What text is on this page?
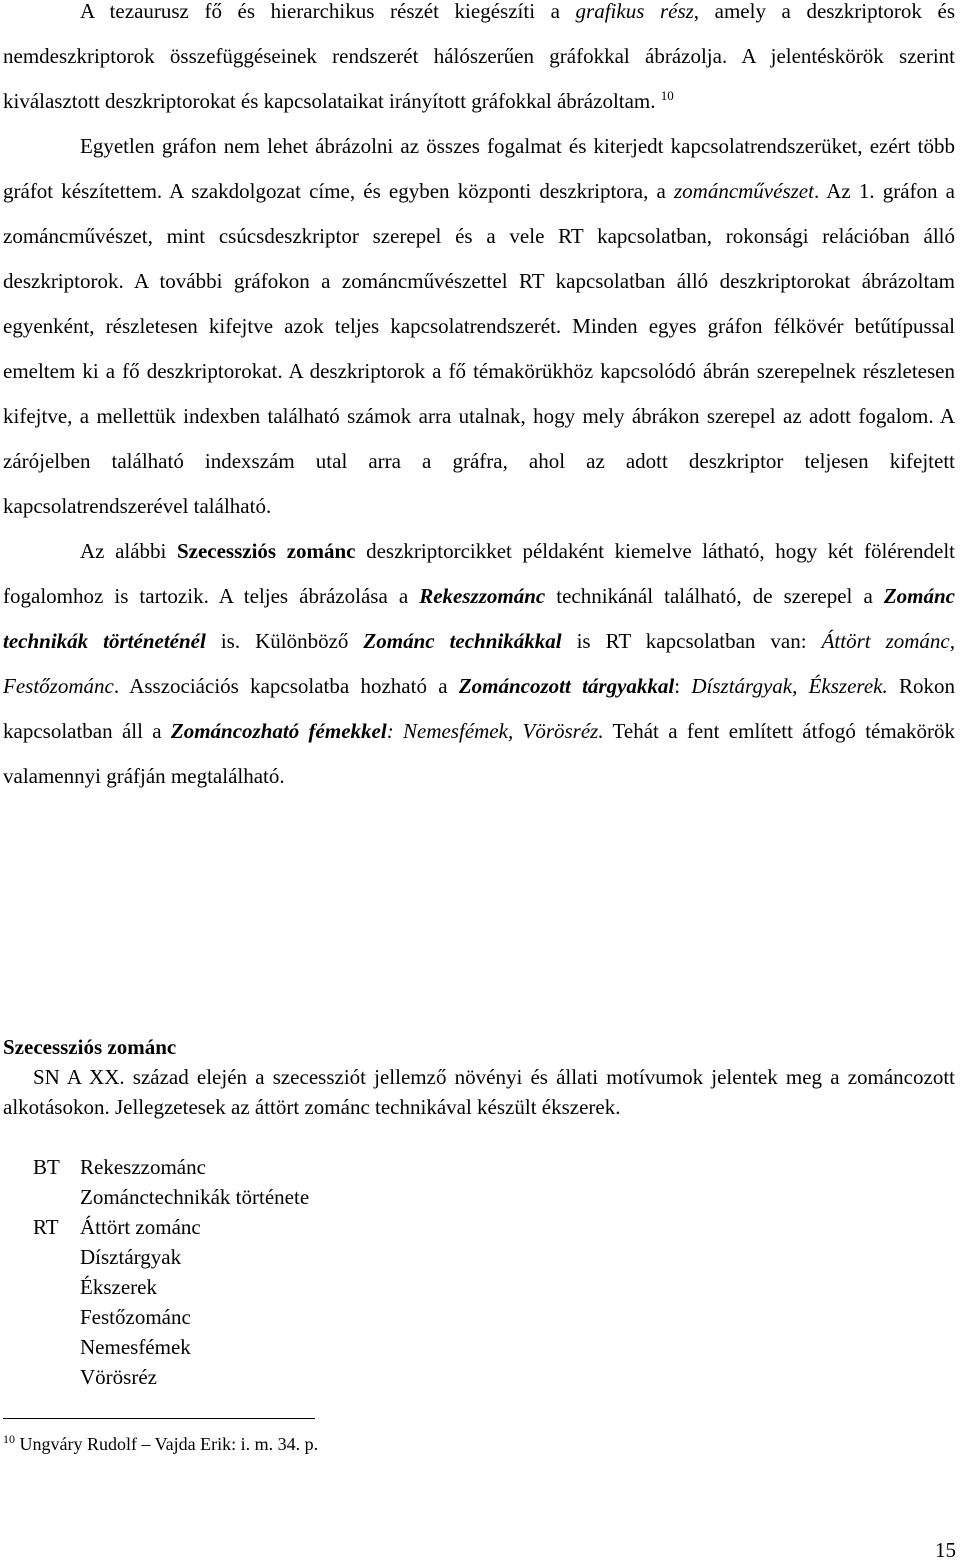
A tezaurusz fő és hierarchikus részét kiegészíti a grafikus rész, amely a deszkriptorok és nemdeszkriptorok összefüggéseinek rendszerét hálószerűen gráfokkal ábrázolja. A jelentéskörök szerint kiválasztott deszkriptorokat és kapcsolataikat irányított gráfokkal ábrázoltam. $^{10}$

Egyetlen gráfon nem lehet ábrázolni az összes fogalmat és kiterjedt kapcsolatrendszerüket, ezért több gráfot készítettem. A szakdolgozat címe, és egyben központi deszkriptora, a zománcművészet. Az 1. gráfon a zománcművészet, mint csúcsdeszkriptor szerepel és a vele RT kapcsolatban, rokonsági relációban álló deszkriptorok. A további gráfokon a zománcművészettel RT kapcsolatban álló deszkriptorokat ábrázoltam egyenként, részletesen kifejtve azok teljes kapcsolatrendszerét. Minden egyes gráfon félkövér betűtípussal emeltem ki a fő deszkriptorokat. A deszkriptorok a fő témakörükhöz kapcsolódó ábrán szerepelnek részletesen kifejtve, a mellettük indexben található számok arra utalnak, hogy mely ábrákon szerepel az adott fogalom. A zárójelben található indexszám utal arra a gráfra, ahol az adott deszkriptor teljesen kifejtett kapcsolatrendszerével található.

Az alábbi Szecessziós zománc deszkriptorcikket példaként kiemelve látható, hogy két fölérendelt fogalomhoz is tartozik. A teljes ábrázolása a Rekeszzománc technikánál található, de szerepel a Zománc technikák történeténél is. Különböző Zománc technikákkal is RT kapcsolatban van: Áttört zománc, Festőzománc. Asszociációs kapcsolatba hozható a Zománcozott tárgyakkal: Dísztárgyak, Ékszerek. Rokon kapcsolatban áll a Zománcozható fémekkel: Nemesfémek, Vörösréz. Tehát a fent említett átfogó témakörök valamennyi gráfján megtalálható.

Szecessziós zománc

SN A XX. század elején a szecessziót jellemző növényi és állati motívumok jelentek meg a zománcozott alkotásokon. Jellegzetesek az áttört zománc technikával készült ékszerek.

BT Rekeszzománc
Zománctechnikák története
RT	Áttört zománc
Dísztárgyak
Ékszerek
Festőzománc
Nemesfémek
Vörösréz
$^{10}$ Ungváry Rudolf – Vajda Erik: i. m. 34. p.
15
